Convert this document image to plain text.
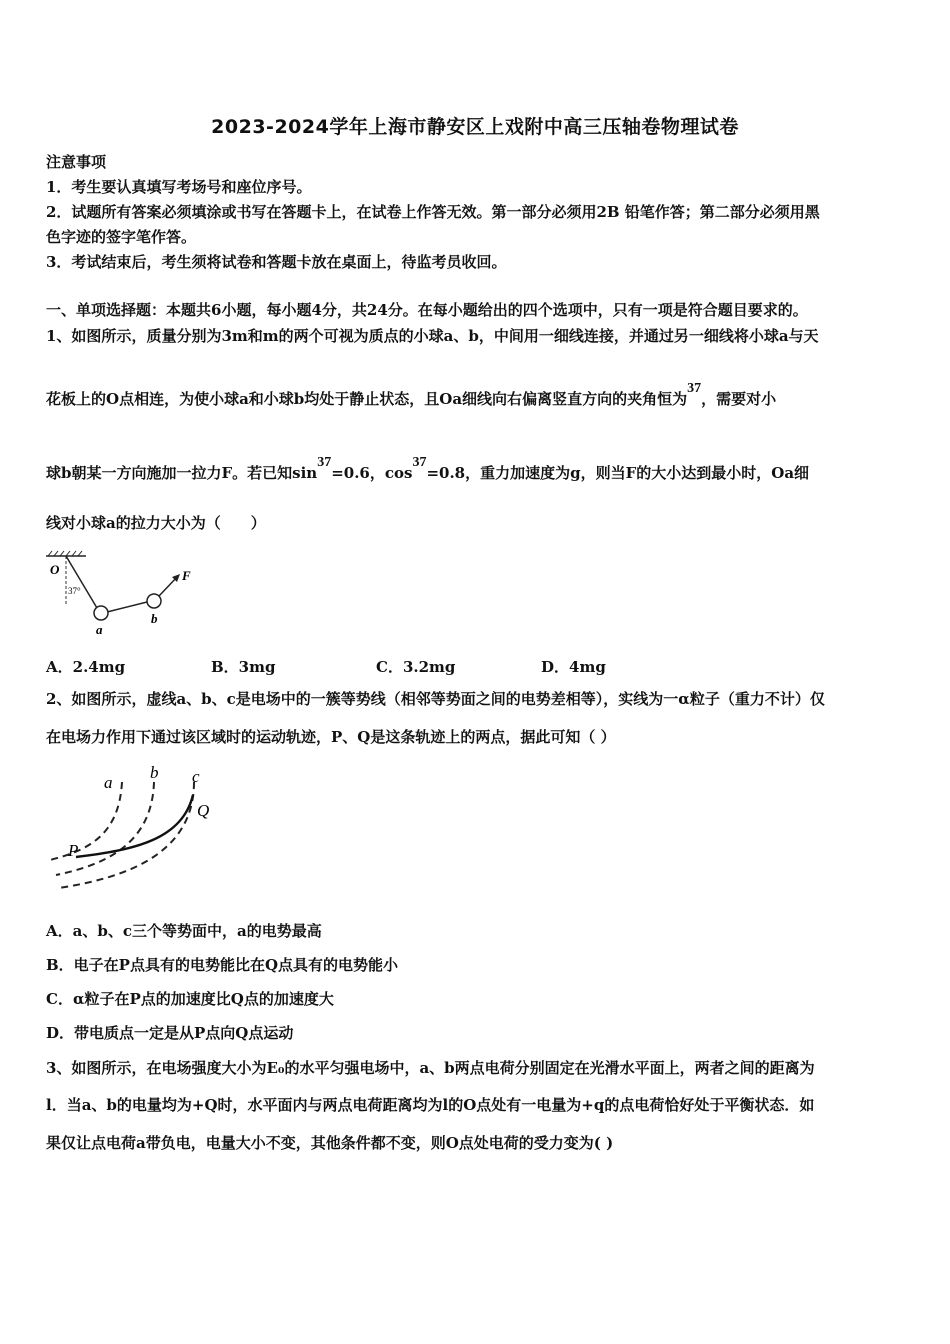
2023-2024学年上海市静安区上戏附中高三压轴卷物理试卷
注意事项
1．考生要认真填写考场号和座位序号。
2．试题所有答案必须填涂或书写在答题卡上，在试卷上作答无效。第一部分必须用2B 铅笔作答；第二部分必须用黑
色字迹的签字笔作答。
3．考试结束后，考生须将试卷和答题卡放在桌面上，待监考员收回。
一、单项选择题：本题共6小题，每小题4分，共24分。在每小题给出的四个选项中，只有一项是符合题目要求的。
1、如图所示，质量分别为3m和m的两个可视为质点的小球a、b，中间用一细线连接，并通过另一细线将小球a与天
花板上的O点相连，为使小球a和小球b均处于静止状态，且Oa细线向右偏离竖直方向的夹角恒为37，需要对小
球b朝某一方向施加一拉力F。若已知sin37=0.6，cos37=0.8，重力加速度为g，则当F的大小达到最小时，Oa细
线对小球a的拉力大小为（　　）
O
37°
a
b
F
A．2.4mg	B．3mg	C．3.2mg	D．4mg
2、如图所示，虚线a、b、c是电场中的一簇等势线（相邻等势面之间的电势差相等），实线为一α粒子（重力不计）仅
在电场力作用下通过该区域时的运动轨迹，P、Q是这条轨迹上的两点，据此可知（ ）
a
b c
P
Q
A．a、b、c三个等势面中，a的电势最高
B．电子在P点具有的电势能比在Q点具有的电势能小
C．α粒子在P点的加速度比Q点的加速度大
D．带电质点一定是从P点向Q点运动
3、如图所示，在电场强度大小为E₀的水平匀强电场中，a、b两点电荷分别固定在光滑水平面上，两者之间的距离为
l．当a、b的电量均为+Q时，水平面内与两点电荷距离均为l的O点处有一电量为+q的点电荷恰好处于平衡状态．如
果仅让点电荷a带负电，电量大小不变，其他条件都不变，则O点处电荷的受力变为( )
